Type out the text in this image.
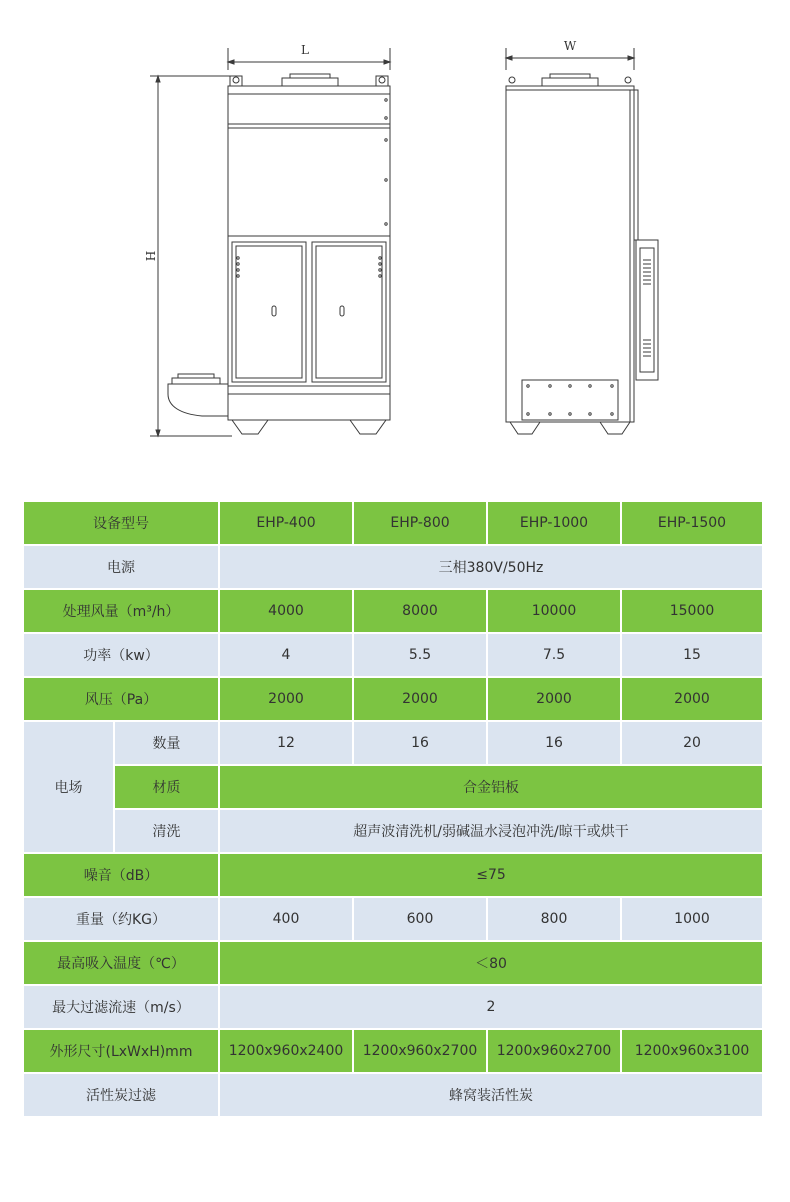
L
H
W
设备型号		EHP-400	EHP-800	EHP-1000	EHP-1500
电源		三相380V/50Hz			
处理风量（m³/h）		4000	8000	10000	15000
功率（kw）		4	5.5	7.5	15
风压（Pa）		2000	2000	2000	2000
电场	数量	12	16	16	20
	材质	合金铝板			
	清洗	超声波清洗机/弱碱温水浸泡冲洗/晾干或烘干			
噪音（dB）		≤75			
重量（约KG）		400	600	800	1000
最高吸入温度（℃）		＜80			
最大过滤流速（m/s）		2			
外形尺寸(LxWxH)mm		1200x960x2400	1200x960x2700	1200x960x2700	1200x960x3100
活性炭过滤		蜂窝装活性炭			
